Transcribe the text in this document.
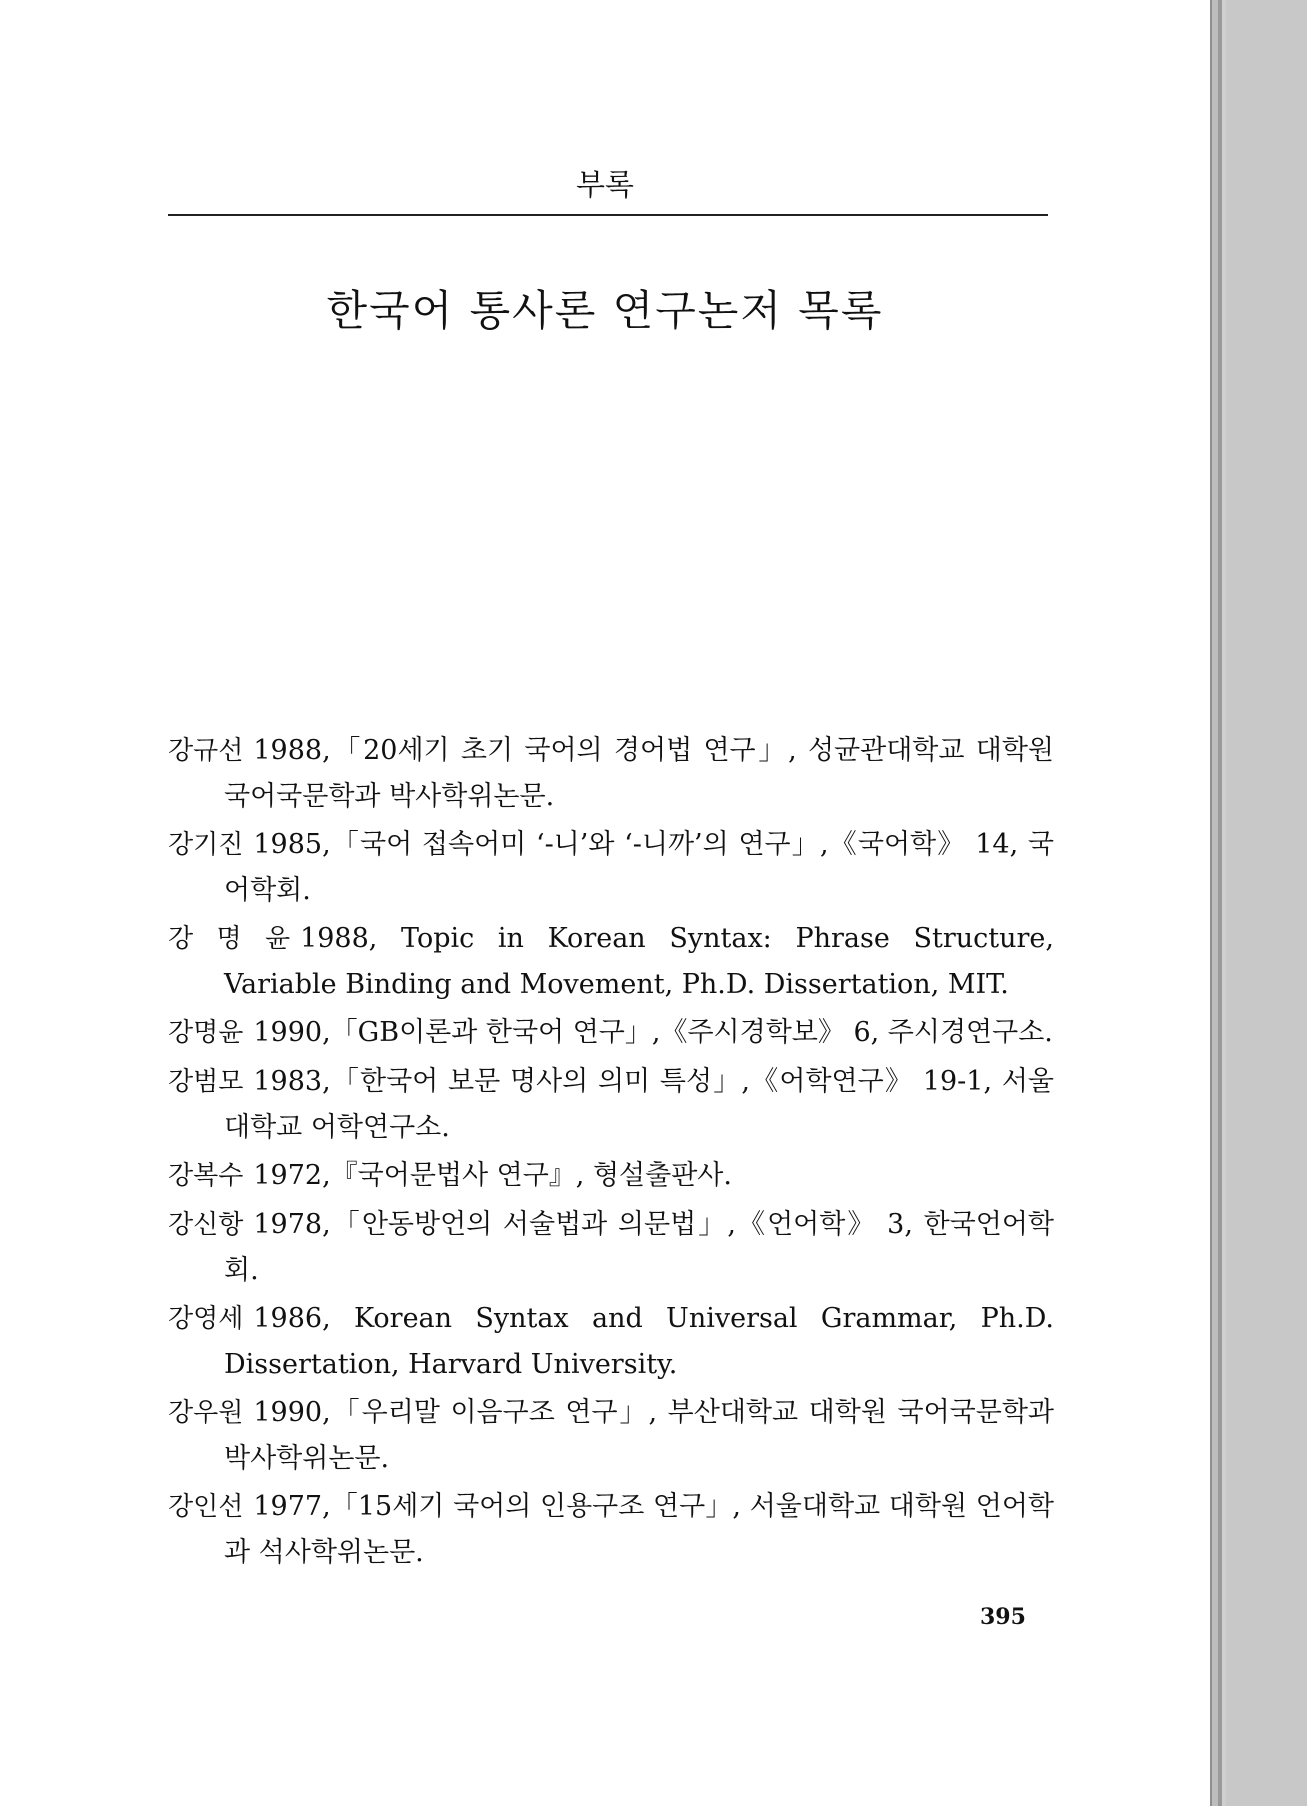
부록
한국어 통사론 연구논저 목록
강규선 1988,「20세기 초기 국어의 경어법 연구」, 성균관대학교 대학원 국어국문학과 박사학위논문.
강기진 1985,「국어 접속어미 ‘-니’와 ‘-니까’의 연구」,《국어학》 14, 국어학회.
강 명 윤 1988, Topic in Korean Syntax: Phrase Structure, Variable Binding and Movement, Ph.D. Dissertation, MIT.
강명윤 1990,「GB이론과 한국어 연구」,《주시경학보》 6, 주시경연구소.
강범모 1983,「한국어 보문 명사의 의미 특성」,《어학연구》 19-1, 서울대학교 어학연구소.
강복수 1972,『국어문법사 연구』, 형설출판사.
강신항 1978,「안동방언의 서술법과 의문법」,《언어학》 3, 한국언어학회.
강영세 1986, Korean Syntax and Universal Grammar, Ph.D. Dissertation, Harvard University.
강우원 1990,「우리말 이음구조 연구」, 부산대학교 대학원 국어국문학과 박사학위논문.
강인선 1977,「15세기 국어의 인용구조 연구」, 서울대학교 대학원 언어학과 석사학위논문.
395
